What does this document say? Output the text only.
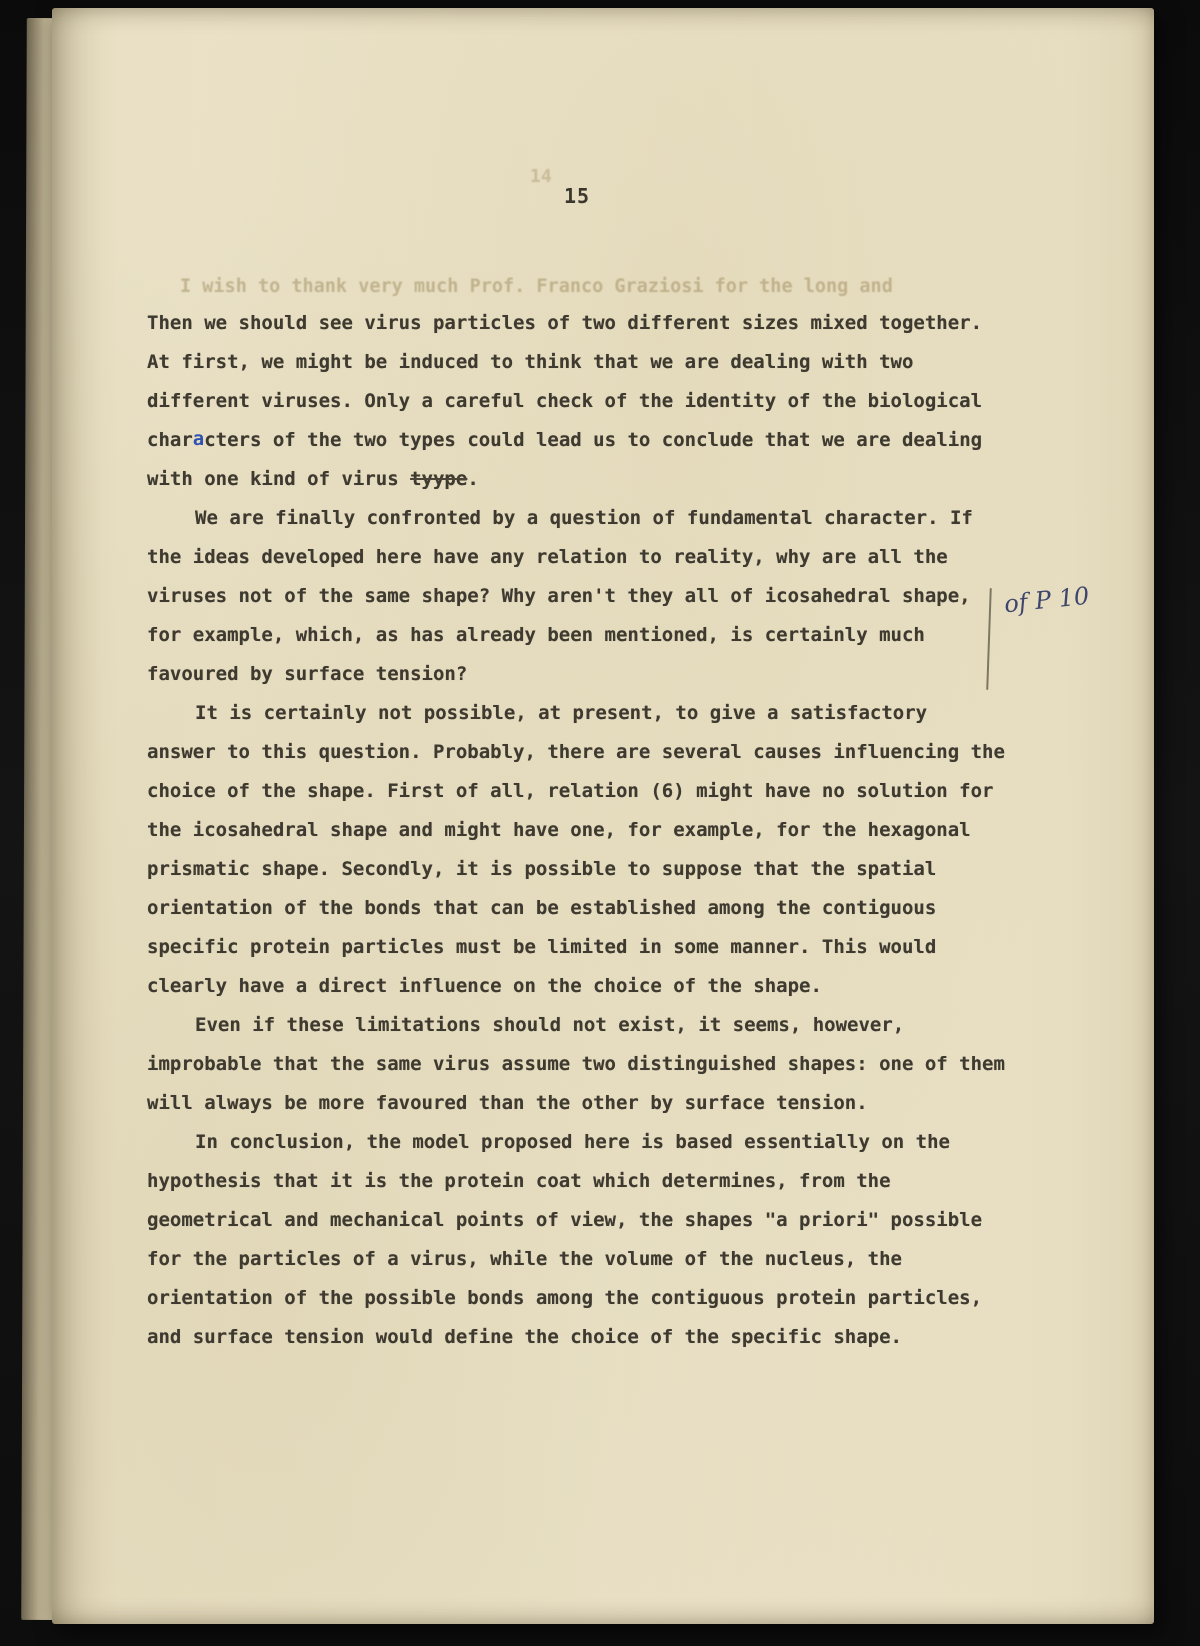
14
I wish to thank very much Prof. Franco Graziosi for the long and
15

Then we should see virus particles of two different sizes mixed together. At first, we might be induced to think that we are dealing with two different viruses. Only a careful check of the identity of the biological characters of the two types could lead us to conclude that we are dealing with one kind of virus tyype.

We are finally confronted by a question of fundamental character. If the ideas developed here have any relation to reality, why are all the viruses not of the same shape? Why aren't they all of icosahedral shape, for example, which, as has already been mentioned, is certainly much favoured by surface tension?

It is certainly not possible, at present, to give a satisfactory answer to this question. Probably, there are several causes influencing the choice of the shape. First of all, relation (6) might have no solution for the icosahedral shape and might have one, for example, for the hexagonal prismatic shape. Secondly, it is possible to suppose that the spatial orientation of the bonds that can be established among the contiguous specific protein particles must be limited in some manner. This would clearly have a direct influence on the choice of the shape.

Even if these limitations should not exist, it seems, however, improbable that the same virus assume two distinguished shapes: one of them will always be more favoured than the other by surface tension.

In conclusion, the model proposed here is based essentially on the hypothesis that it is the protein coat which determines, from the geometrical and mechanical points of view, the shapes "a priori" possible for the particles of a virus, while the volume of the nucleus, the orientation of the possible bonds among the contiguous protein particles, and surface tension would define the choice of the specific shape.

of P 10
